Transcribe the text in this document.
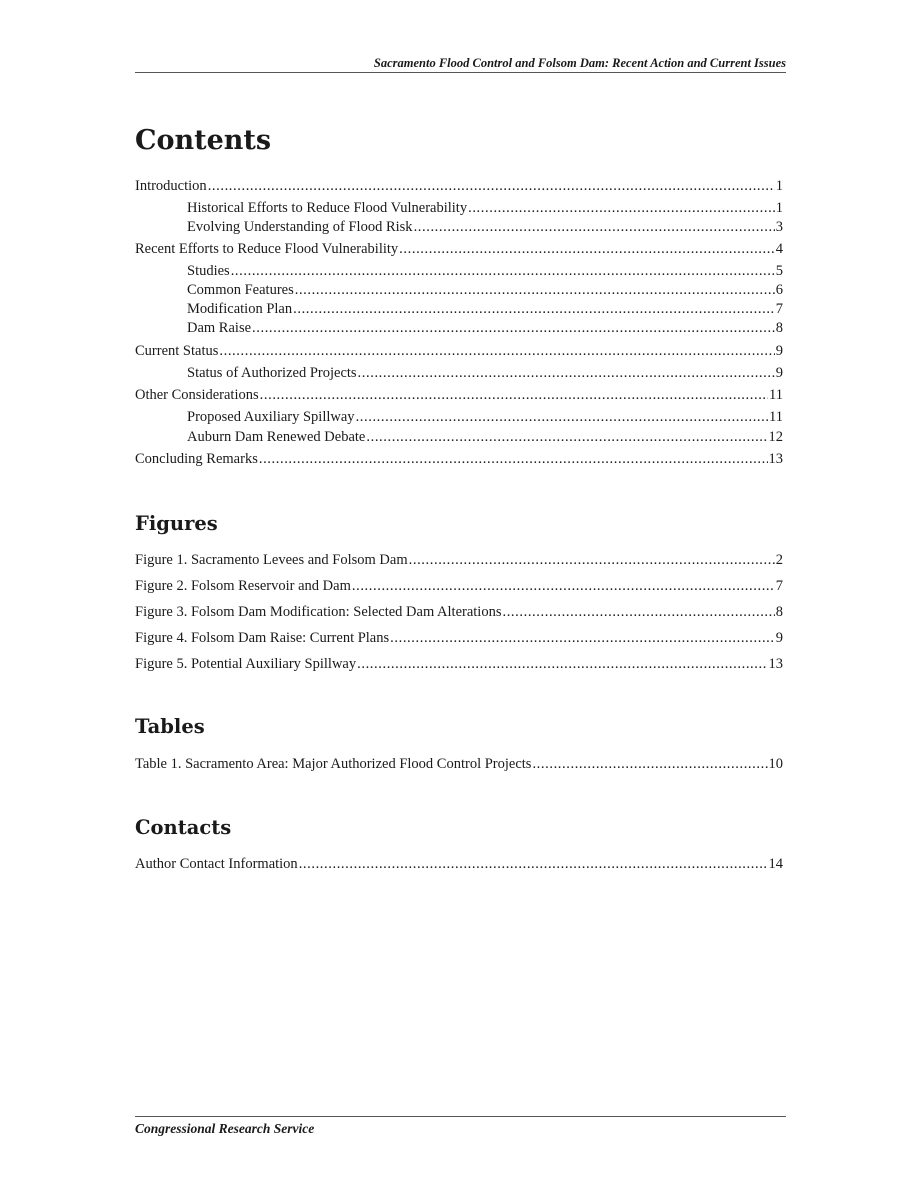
Sacramento Flood Control and Folsom Dam: Recent Action and Current Issues
Contents
Introduction .....	1
Historical Efforts to Reduce Flood Vulnerability .....	1
Evolving Understanding of Flood Risk .....	3
Recent Efforts to Reduce Flood Vulnerability .....	4
Studies .....	5
Common Features .....	6
Modification Plan .....	7
Dam Raise .....	8
Current Status .....	9
Status of Authorized Projects .....	9
Other Considerations .....	11
Proposed Auxiliary Spillway .....	11
Auburn Dam Renewed Debate .....	12
Concluding Remarks .....	13
Figures
Figure 1. Sacramento Levees and Folsom Dam .....	2
Figure 2. Folsom Reservoir and Dam .....	7
Figure 3. Folsom Dam Modification: Selected Dam Alterations .....	8
Figure 4. Folsom Dam Raise: Current Plans .....	9
Figure 5. Potential Auxiliary Spillway .....	13
Tables
Table 1. Sacramento Area: Major Authorized Flood Control Projects .....	10
Contacts
Author Contact Information .....	14
Congressional Research Service
